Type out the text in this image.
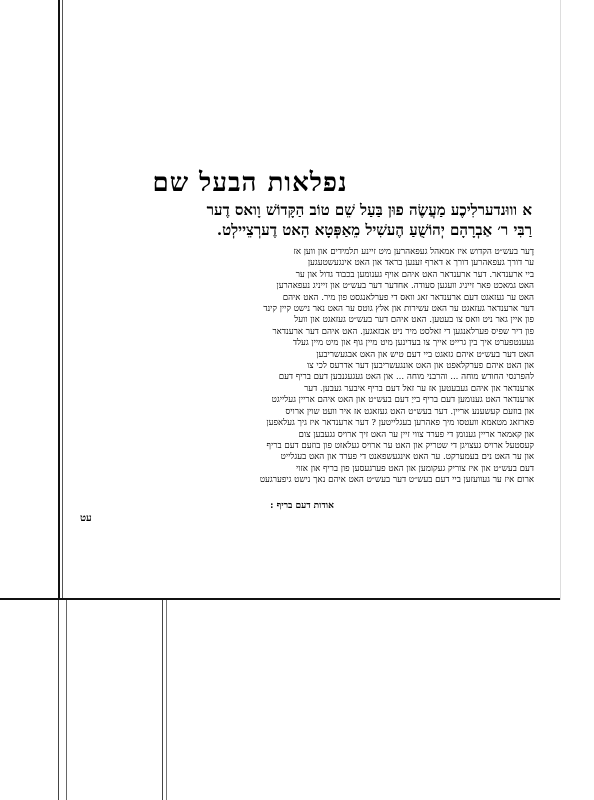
נפלאות הבעל שם
א וווּנדערלִיכֶע מַעֲשֶׂה פוּן בַּעַל שֵׁם טוֹב הַקָּדוֹשׁ וָואס דֶער
רַבִּי ר׳ אַבְרָהָם יְהוֹשֻׁעַ הֶעשִׁיל מֵאַפְּטָא הָאט דֶערְצֵיילְט.

דֶער בעש״ט הקדוש איז אמאהל געפאהרען מיט זיינע תלמידים און ווען אז

ער דורך געפאהרען דורך א דארף זענען בראד און האט אינגעשטעגען

ביי ארענדאר. דער ארענדאר האט איהם אויף גענומען בכבוד גדול און ער

האט גמאכט פאר זייניג וועגען סעודה. אחדער דער בעש״ט און זייניג נעפאהרען

האט ער געזאגט דעם ארענדאר זאג וואס די פערלאנגסט פון מיר. האט איהם

דער ארענדאר געזאגט ער האט עשירות און אלץ גוטס ער האט נאר נישט קיין קינד

פון איין גאר ניט וואס צו בעטען. האט איהם דער בעש״ט געזאגט און וועל

פון דיר שפיס פערלאנגען די זאלסט מיר ניט אבזאגען. האט איהם דער ארענדאר

געענטפערט איך בין גרייט אייך צו בעדינען מיט מיין גוף און מיט מיין געלד

האט דער בעש״ט איהם גזאגט ביי דעם טיש און האט אבגעשריבען

און האט איהם פערקלאפט און האט אונגעשריבען דער אדרעס לכי צו

להפרנסי החודש מוחה ... והרבני מוחה ... און האט געגעגנבען דעם בריף דעם

ארענדאר און איהם געבעטען אז ער זאל דעם בריף איבער געבען. דער

ארענדאר האט גענומען דעם בריף בייַ דעם בעש״ט און האט איהם אריין געלייגט

און בוזעם קעשענע אריין. דער בעש״ט האט געזאגט אז איר וועט שוין ארויס

פארזאג מטאמא וועטסו מיך פאהרען בעגלייטען ? דער ארענדאר איז גיך געלאפען

און קאמאר אריין גענומן די פערד צווי זיין ער האט זיך ארויס גגעבען צום

קעסטעל ארויס געצויגן די שטריק און האט ער ארויס געלאזט פון בוזעם דעם בריף

און ער האט נים בעמערקט. ער האט אינגעשפאנט די פערד און האט בעגלייט

דעם בעש״ט און איז צוריק געקומען און האט פערגעסען פון בריף און אזוי

ארום איז ער געוועזען ביי דעם בעש״ט דער בעש״ט האט איהם נאך נישט גיפערגעט

אודות דעם בריף :
עט
